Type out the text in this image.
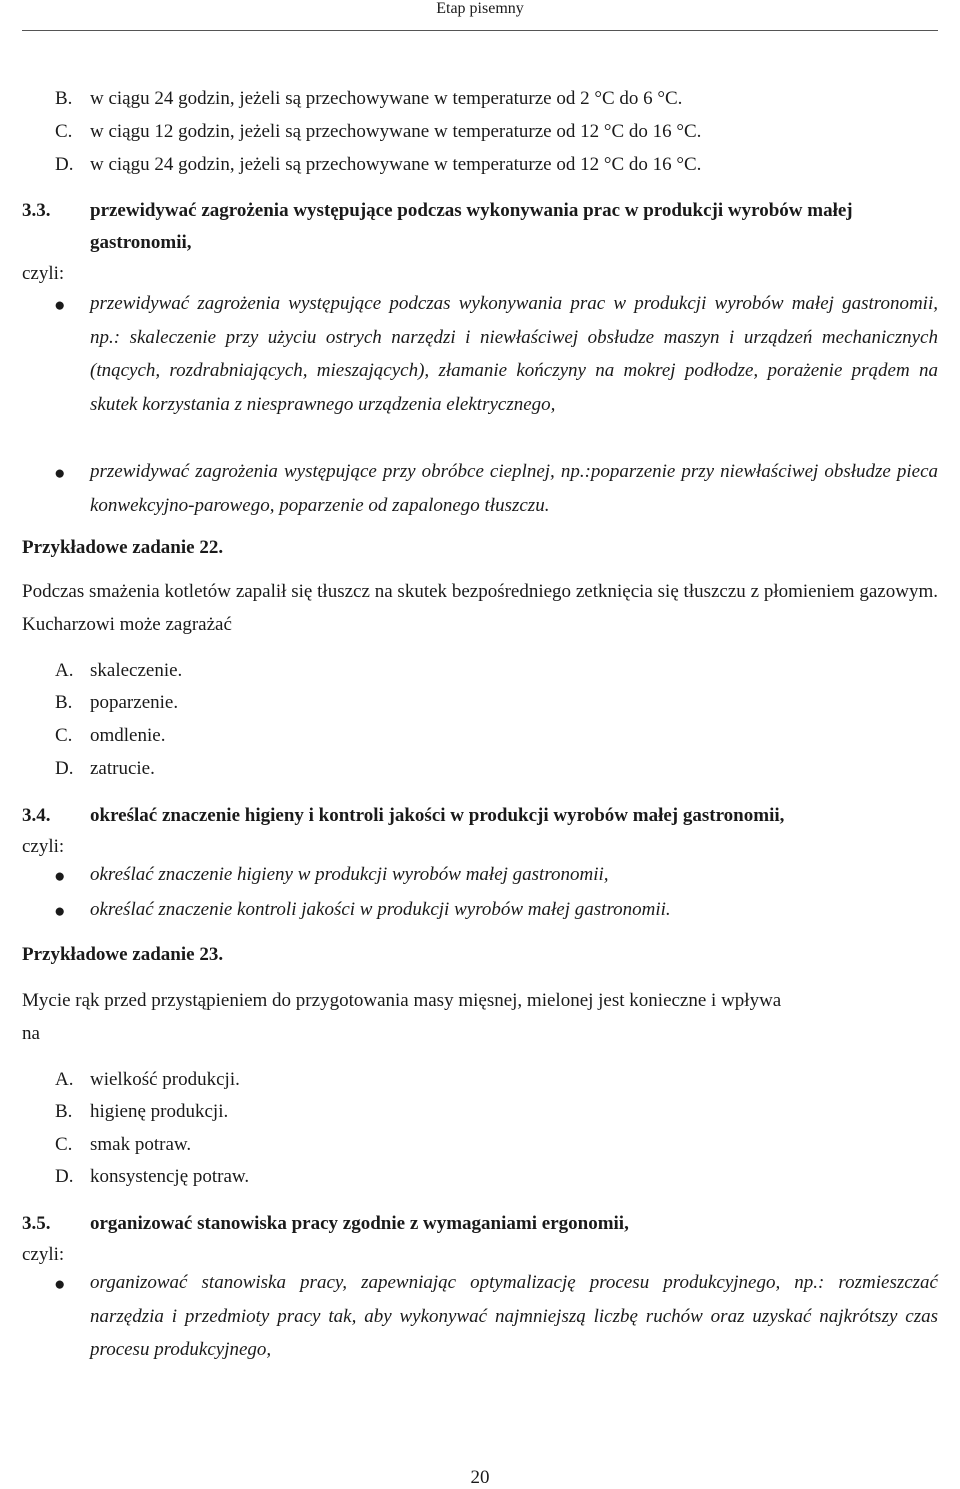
Etap pisemny
B. w ciągu 24 godzin, jeżeli są przechowywane w temperaturze od 2 °C do 6 °C.
C. w ciągu 12 godzin, jeżeli są przechowywane w temperaturze od 12 °C do 16 °C.
D. w ciągu 24 godzin, jeżeli są przechowywane w temperaturze od 12 °C do 16 °C.
3.3. przewidywać zagrożenia występujące podczas wykonywania prac w produkcji wyrobów małej gastronomii,
czyli:
● przewidywać zagrożenia występujące podczas wykonywania prac w produkcji wyrobów małej gastronomii, np.: skaleczenie przy użyciu ostrych narzędzi i niewłaściwej obsłudze maszyn i urządzeń mechanicznych (tnących, rozdrabniających, mieszających), złamanie kończyny na mokrej podłodze, porażenie prądem na skutek korzystania z niesprawnego urządzenia elektrycznego,
● przewidywać zagrożenia występujące przy obróbce cieplnej, np.:poparzenie przy niewłaściwej obsłudze pieca konwekcyjno-parowego, poparzenie od zapalonego tłuszczu.
Przykładowe zadanie 22.
Podczas smażenia kotletów zapalił się tłuszcz na skutek bezpośredniego zetknięcia się tłuszczu z płomieniem gazowym. Kucharzowi może zagrażać
A. skaleczenie.
B. poparzenie.
C. omdlenie.
D. zatrucie.
3.4. określać znaczenie higieny i kontroli jakości w produkcji wyrobów małej gastronomii,
czyli:
● określać znaczenie higieny w produkcji wyrobów małej gastronomii,
● określać znaczenie kontroli jakości w produkcji wyrobów małej gastronomii.
Przykładowe zadanie 23.
Mycie rąk przed przystąpieniem do przygotowania masy mięsnej, mielonej jest konieczne i wpływa
na
A. wielkość produkcji.
B. higienę produkcji.
C. smak potraw.
D. konsystencję potraw.
3.5. organizować stanowiska pracy zgodnie z wymaganiami ergonomii,
czyli:
● organizować stanowiska pracy, zapewniając optymalizację procesu produkcyjnego, np.: rozmieszczać narzędzia i przedmioty pracy tak, aby wykonywać najmniejszą liczbę ruchów oraz uzyskać najkrótszy czas procesu produkcyjnego,
20
